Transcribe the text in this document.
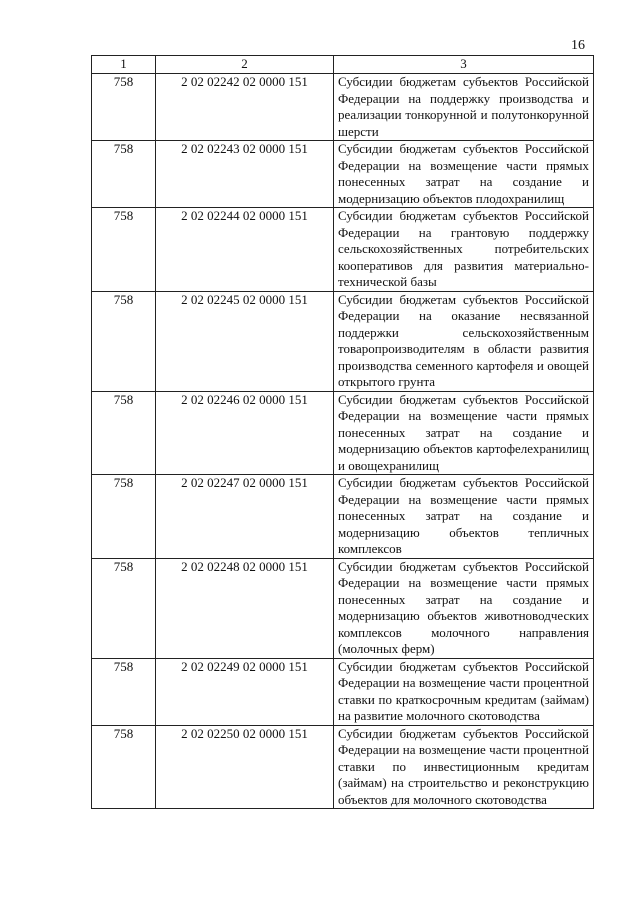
16
1	2	3
758	2 02 02242 02 0000 151	Субсидии бюджетам субъектов Российской Федерации на поддержку производства и реализации тонкорунной и полутонкорунной шерсти
758	2 02 02243 02 0000 151	Субсидии бюджетам субъектов Российской Федерации на возмещение части прямых понесенных затрат на создание и модернизацию объектов плодохранилищ
758	2 02 02244 02 0000 151	Субсидии бюджетам субъектов Российской Федерации на грантовую поддержку сельскохозяйственных потребительских кооперативов для развития материально-технической базы
758	2 02 02245 02 0000 151	Субсидии бюджетам субъектов Российской Федерации на оказание несвязанной поддержки сельскохозяйственным товаропроизводителям в области развития производства семенного картофеля и овощей открытого грунта
758	2 02 02246 02 0000 151	Субсидии бюджетам субъектов Российской Федерации на возмещение части прямых понесенных затрат на создание и модернизацию объектов картофелехранилищ и овощехранилищ
758	2 02 02247 02 0000 151	Субсидии бюджетам субъектов Российской Федерации на возмещение части прямых понесенных затрат на создание и модернизацию объектов тепличных комплексов
758	2 02 02248 02 0000 151	Субсидии бюджетам субъектов Российской Федерации на возмещение части прямых понесенных затрат на создание и модернизацию объектов животноводческих комплексов молочного направления (молочных ферм)
758	2 02 02249 02 0000 151	Субсидии бюджетам субъектов Российской Федерации на возмещение части процентной ставки по краткосрочным кредитам (займам) на развитие молочного скотоводства
758	2 02 02250 02 0000 151	Субсидии бюджетам субъектов Российской Федерации на возмещение части процентной ставки по инвестиционным кредитам (займам) на строительство и реконструкцию объектов для молочного скотоводства
